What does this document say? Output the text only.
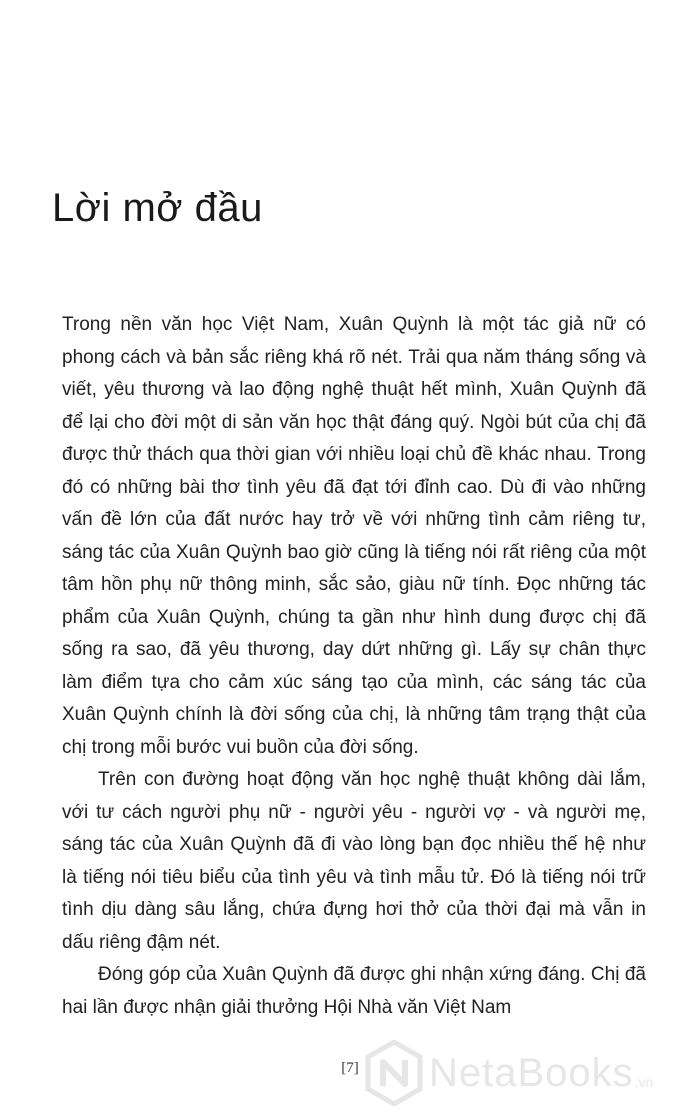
Lời mở đầu

Trong nền văn học Việt Nam, Xuân Quỳnh là một tác giả nữ có phong cách và bản sắc riêng khá rõ nét. Trải qua năm tháng sống và viết, yêu thương và lao động nghệ thuật hết mình, Xuân Quỳnh đã để lại cho đời một di sản văn học thật đáng quý. Ngòi bút của chị đã được thử thách qua thời gian với nhiều loại chủ đề khác nhau. Trong đó có những bài thơ tình yêu đã đạt tới đỉnh cao. Dù đi vào những vấn đề lớn của đất nước hay trở về với những tình cảm riêng tư, sáng tác của Xuân Quỳnh bao giờ cũng là tiếng nói rất riêng của một tâm hồn phụ nữ thông minh, sắc sảo, giàu nữ tính. Đọc những tác phẩm của Xuân Quỳnh, chúng ta gần như hình dung được chị đã sống ra sao, đã yêu thương, day dứt những gì. Lấy sự chân thực làm điểm tựa cho cảm xúc sáng tạo của mình, các sáng tác của Xuân Quỳnh chính là đời sống của chị, là những tâm trạng thật của chị trong mỗi bước vui buồn của đời sống.

Trên con đường hoạt động văn học nghệ thuật không dài lắm, với tư cách người phụ nữ - người yêu - người vợ - và người mẹ, sáng tác của Xuân Quỳnh đã đi vào lòng bạn đọc nhiều thế hệ như là tiếng nói tiêu biểu của tình yêu và tình mẫu tử. Đó là tiếng nói trữ tình dịu dàng sâu lắng, chứa đựng hơi thở của thời đại mà vẫn in dấu riêng đậm nét.

Đóng góp của Xuân Quỳnh đã được ghi nhận xứng đáng. Chị đã hai lần được nhận giải thưởng Hội Nhà văn Việt Nam

[7]	NetaBooks .vn
